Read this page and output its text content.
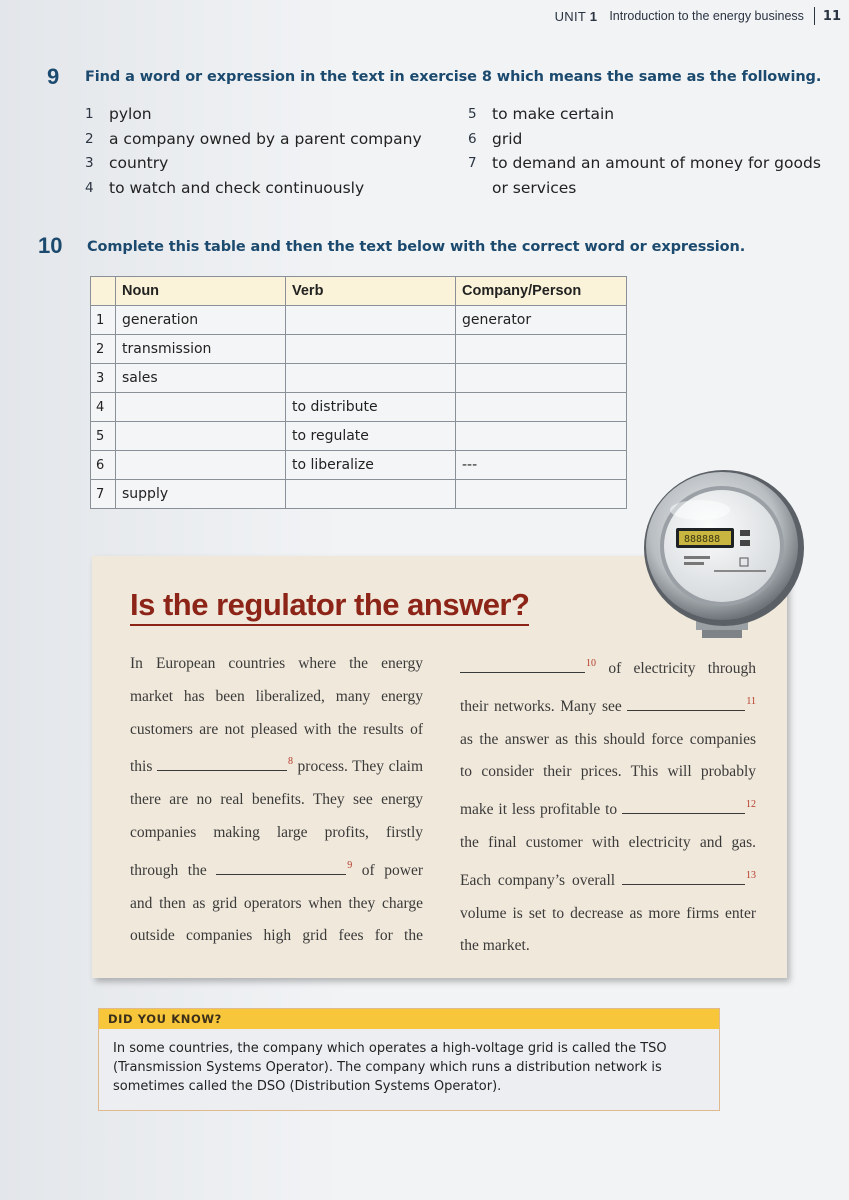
UNIT 1 Introduction to the energy business 11
9 Find a word or expression in the text in exercise 8 which means the same as the following.
1 pylon
2 a company owned by a parent company
3 country
4 to watch and check continuously
5 to make certain
6 grid
7 to demand an amount of money for goods
or services
10 Complete this table and then the text below with the correct word or expression.
	Noun	Verb	Company/Person
1	generation		generator
2	transmission		
3	sales		
4		to distribute	
5		to regulate	
6		to liberalize	---
7	supply		
Is the regulator the answer?
In European countries where the energy
market has been liberalized, many energy
customers are not pleased with the results of
this	$^8$ process. They claim
there are no real benefits. They see energy
companies making large profits, firstly
through the	$^9$ of power
and then as grid operators when they charge
outside companies high grid fees for the
$^{10}$ of electricity through
their networks. Many see	$^{11}$
as the answer as this should force companies
to consider their prices. This will probably
make it less profitable to	$^{12}$
the final customer with electricity and gas.
Each company’s overall	$^{13}$
volume is set to decrease as more firms enter
the market.
888888
DID YOU KNOW?
In some countries, the company which operates a high-voltage grid is called the TSO
(Transmission Systems Operator). The company which runs a distribution network is
sometimes called the DSO (Distribution Systems Operator).
